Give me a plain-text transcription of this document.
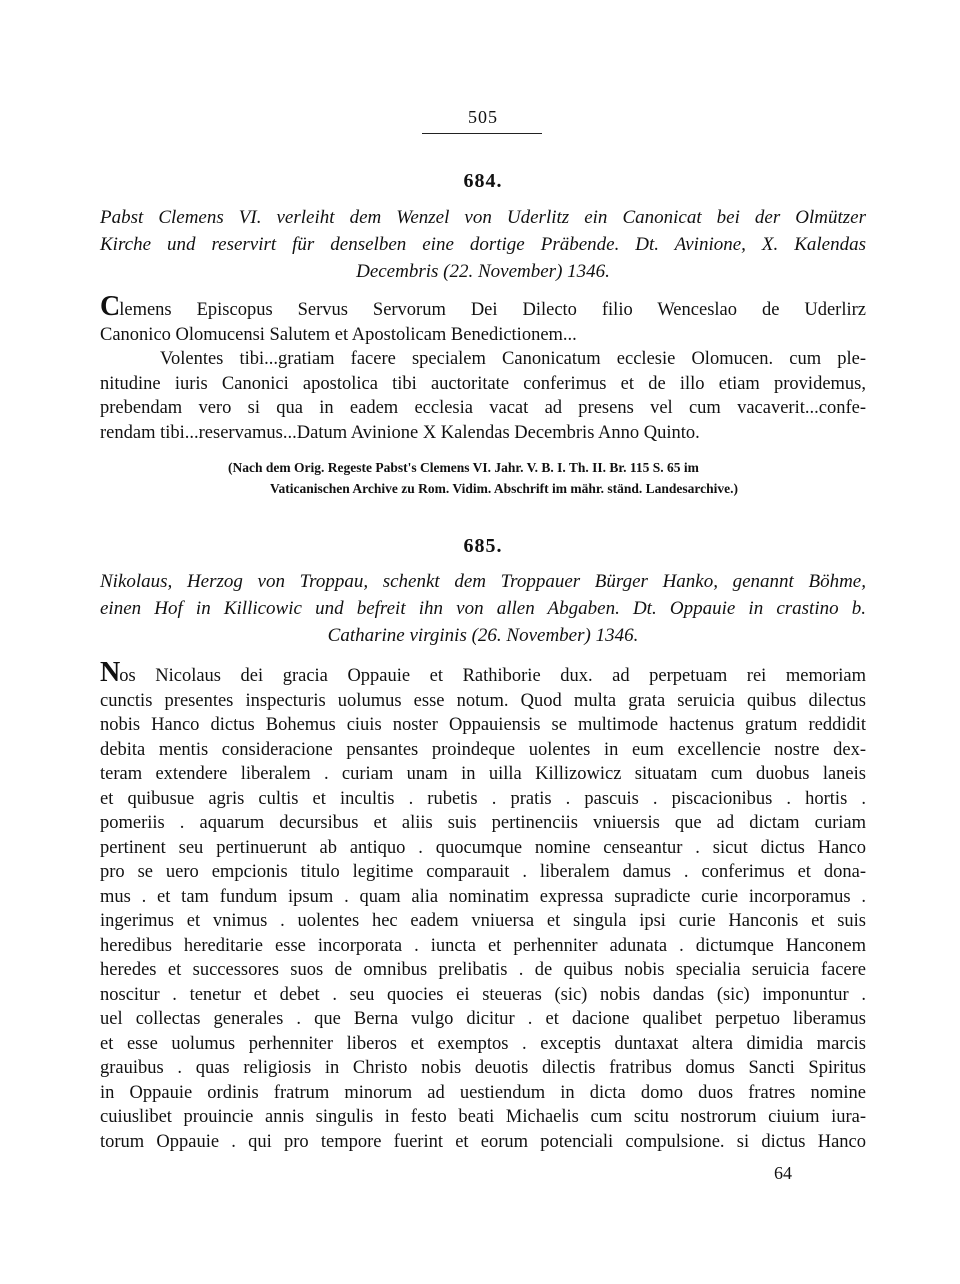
505
684.
Pabst Clemens VI. verleiht dem Wenzel von Uderlitz ein Canonicat bei der Olmützer
Kirche und reservirt für denselben eine dortige Präbende. Dt. Avinione, X. Kalendas
Decembris (22. November) 1346.
Clemens Episcopus Servus Servorum Dei Dilecto filio Wenceslao de Uderlirz
Canonico Olomucensi Salutem et Apostolicam Benedictionem...
Volentes tibi...gratiam facere specialem Canonicatum ecclesie Olomucen. cum ple-
nitudine iuris Canonici apostolica tibi auctoritate conferimus et de illo etiam providemus,
prebendam vero si qua in eadem ecclesia vacat ad presens vel cum vacaverit...confe-
rendam tibi...reservamus...Datum Avinione X Kalendas Decembris Anno Quinto.
(Nach dem Orig. Regeste Pabst's Clemens VI. Jahr. V. B. I. Th. II. Br. 115 S. 65 im
Vaticanischen Archive zu Rom. Vidim. Abschrift im mähr. ständ. Landesarchive.)
685.
Nikolaus, Herzog von Troppau, schenkt dem Troppauer Bürger Hanko, genannt Böhme,
einen Hof in Killicowic und befreit ihn von allen Abgaben. Dt. Oppauie in crastino b.
Catharine virginis (26. November) 1346.
Nos Nicolaus dei gracia Oppauie et Rathiborie dux. ad perpetuam rei memoriam
cunctis presentes inspecturis uolumus esse notum. Quod multa grata seruicia quibus dilectus
nobis Hanco dictus Bohemus ciuis noster Oppauiensis se multimode hactenus gratum reddidit
debita mentis consideracione pensantes proindeque uolentes in eum excellencie nostre dex-
teram extendere liberalem . curiam unam in uilla Killizowicz situatam cum duobus laneis
et quibusue agris cultis et incultis . rubetis . pratis . pascuis . piscacionibus . hortis .
pomeriis . aquarum decursibus et aliis suis pertinenciis vniuersis que ad dictam curiam
pertinent seu pertinuerunt ab antiquo . quocumque nomine censeantur . sicut dictus Hanco
pro se uero empcionis titulo legitime comparauit . liberalem damus . conferimus et dona-
mus . et tam fundum ipsum . quam alia nominatim expressa supradicte curie incorporamus .
ingerimus et vnimus . uolentes hec eadem vniuersa et singula ipsi curie Hanconis et suis
heredibus hereditarie esse incorporata . iuncta et perhenniter adunata . dictumque Hanconem
heredes et successores suos de omnibus prelibatis . de quibus nobis specialia seruicia facere
noscitur . tenetur et debet . seu quocies ei steueras (sic) nobis dandas (sic) imponuntur .
uel collectas generales . que Berna vulgo dicitur . et dacione qualibet perpetuo liberamus
et esse uolumus perhenniter liberos et exemptos . exceptis duntaxat altera dimidia marcis
grauibus . quas religiosis in Christo nobis deuotis dilectis fratribus domus Sancti Spiritus
in Oppauie ordinis fratrum minorum ad uestiendum in dicta domo duos fratres nomine
cuiuslibet prouincie annis singulis in festo beati Michaelis cum scitu nostrorum ciuium iura-
torum Oppauie . qui pro tempore fuerint et eorum potenciali compulsione. si dictus Hanco
64
